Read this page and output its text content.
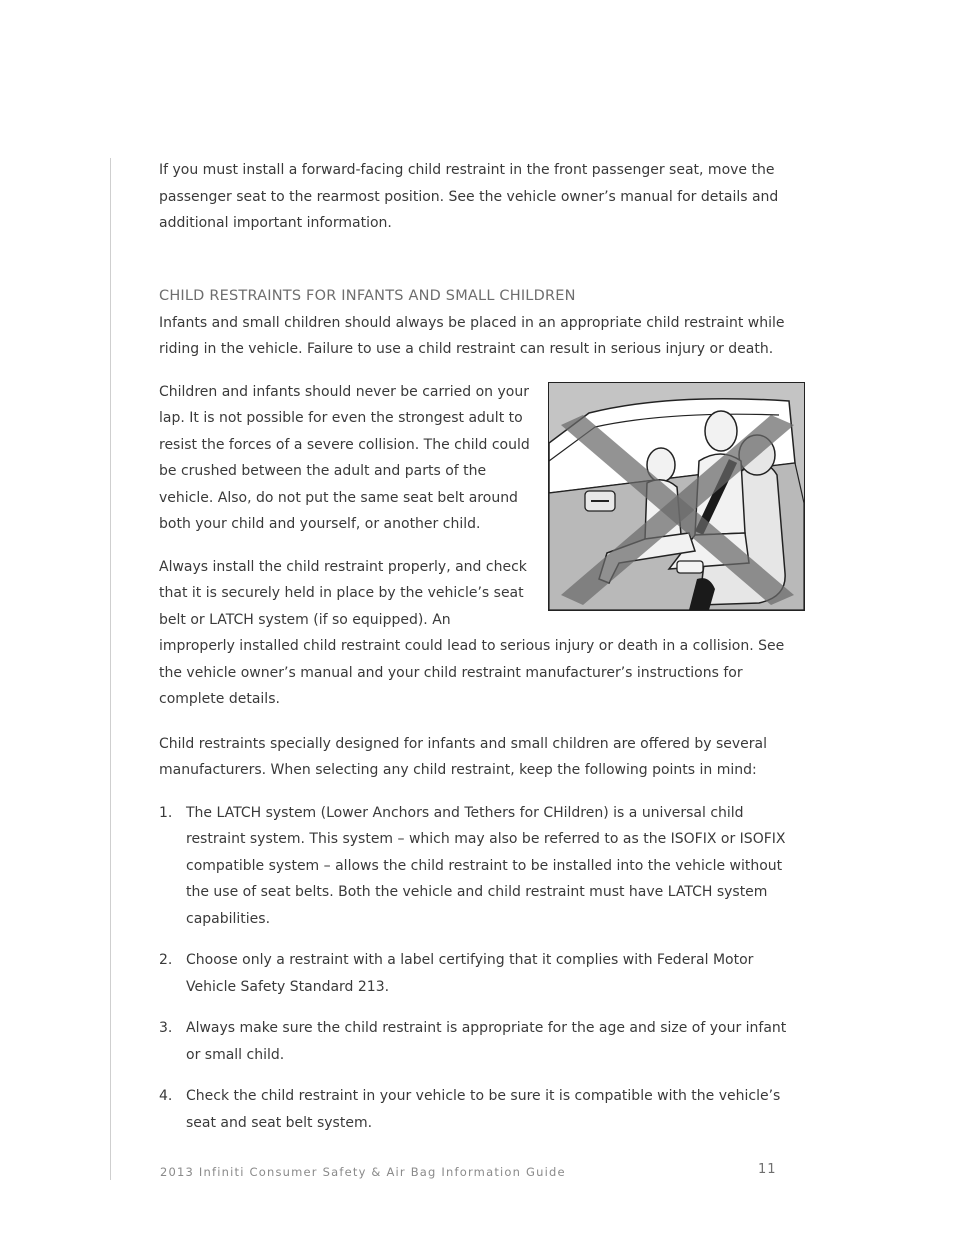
If you must install a forward-facing child restraint in the front passenger seat, move the passenger seat to the rearmost position. See the vehicle owner’s manual for details and additional important information.

CHILD RESTRAINTS FOR INFANTS AND SMALL CHILDREN

Infants and small children should always be placed in an appropriate child restraint while riding in the vehicle. Failure to use a child restraint can result in serious injury or death.

Children and infants should never be carried on your lap. It is not possible for even the strongest adult to resist the forces of a severe collision. The child could be crushed between the adult and parts of the vehicle. Also, do not put the same seat belt around both your child and yourself, or another child.

Always install the child restraint properly, and check that it is securely held in place by the vehicle’s seat belt or LATCH system (if so equipped). An improperly installed child restraint could lead to serious injury or death in a collision. See the vehicle owner’s manual and your child restraint manufacturer’s instructions for complete details.

Child restraints specially designed for infants and small children are offered by several manufacturers. When selecting any child restraint, keep the following points in mind:

1. The LATCH system (Lower Anchors and Tethers for CHildren) is a universal child restraint system. This system – which may also be referred to as the ISOFIX or ISOFIX compatible system – allows the child restraint to be installed into the vehicle without the use of seat belts. Both the vehicle and child restraint must have LATCH system capabilities.
2. Choose only a restraint with a label certifying that it complies with Federal Motor Vehicle Safety Standard 213.
3. Always make sure the child restraint is appropriate for the age and size of your infant or small child.
4. Check the child restraint in your vehicle to be sure it is compatible with the vehicle’s seat and seat belt system.
2013 Infiniti Consumer Safety & Air Bag Information Guide	11
